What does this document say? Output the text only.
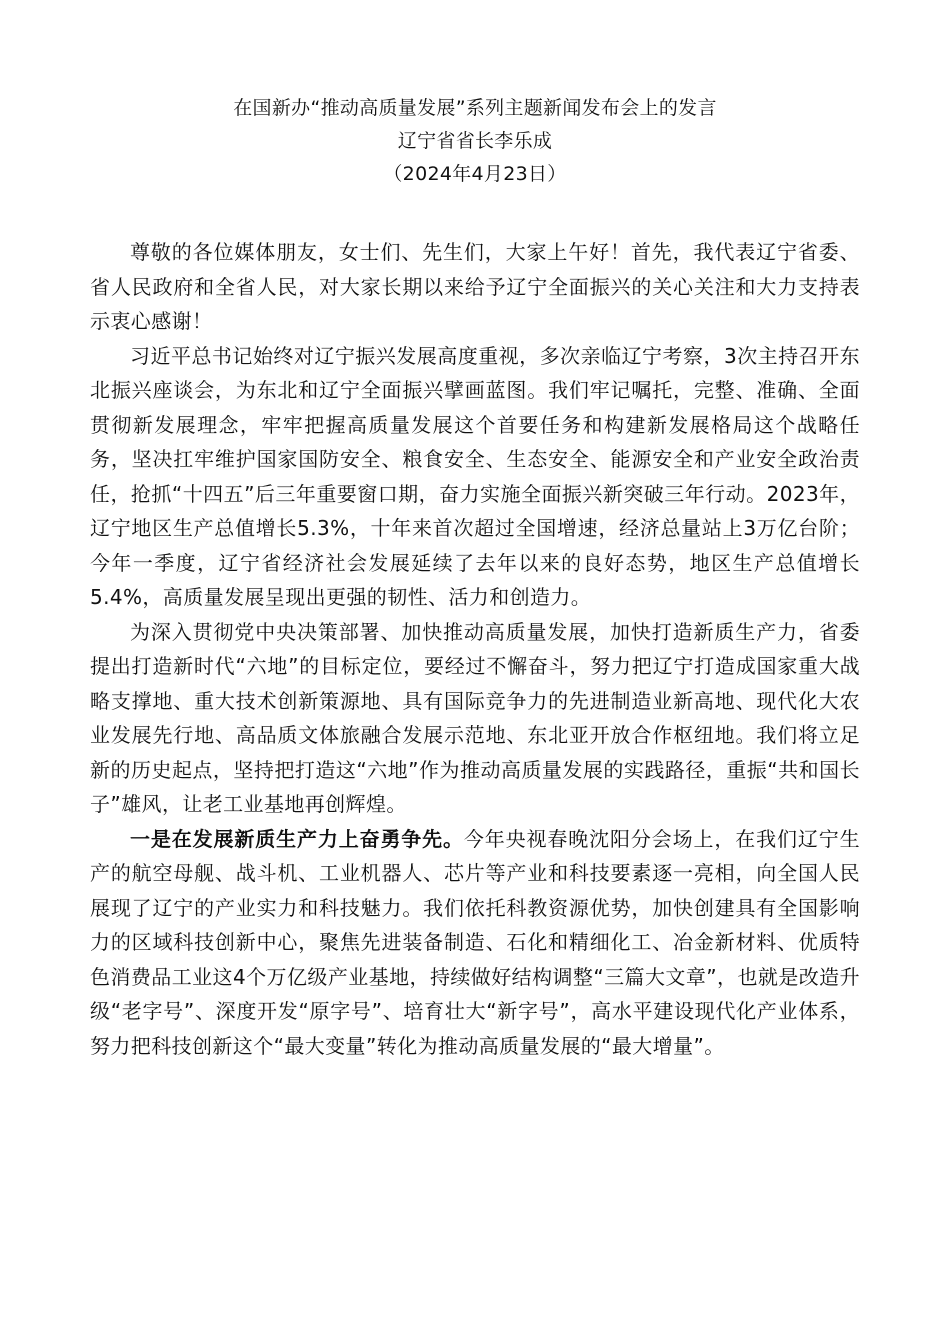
在国新办“推动高质量发展”系列主题新闻发布会上的发言
辽宁省省长李乐成
（2024年4月23日）

尊敬的各位媒体朋友，女士们、先生们，大家上午好！首先，我代表辽宁省委、省人民政府和全省人民，对大家长期以来给予辽宁全面振兴的关心关注和大力支持表示衷心感谢！

习近平总书记始终对辽宁振兴发展高度重视，多次亲临辽宁考察，3次主持召开东北振兴座谈会，为东北和辽宁全面振兴擘画蓝图。我们牢记嘱托，完整、准确、全面贯彻新发展理念，牢牢把握高质量发展这个首要任务和构建新发展格局这个战略任务，坚决扛牢维护国家国防安全、粮食安全、生态安全、能源安全和产业安全政治责任，抢抓“十四五”后三年重要窗口期，奋力实施全面振兴新突破三年行动。2023年，辽宁地区生产总值增长5.3%，十年来首次超过全国增速，经济总量站上3万亿台阶；今年一季度，辽宁省经济社会发展延续了去年以来的良好态势，地区生产总值增长5.4%，高质量发展呈现出更强的韧性、活力和创造力。

为深入贯彻党中央决策部署、加快推动高质量发展，加快打造新质生产力，省委提出打造新时代“六地”的目标定位，要经过不懈奋斗，努力把辽宁打造成国家重大战略支撑地、重大技术创新策源地、具有国际竞争力的先进制造业新高地、现代化大农业发展先行地、高品质文体旅融合发展示范地、东北亚开放合作枢纽地。我们将立足新的历史起点，坚持把打造这“六地”作为推动高质量发展的实践路径，重振“共和国长子”雄风，让老工业基地再创辉煌。

一是在发展新质生产力上奋勇争先。今年央视春晚沈阳分会场上，在我们辽宁生产的航空母舰、战斗机、工业机器人、芯片等产业和科技要素逐一亮相，向全国人民展现了辽宁的产业实力和科技魅力。我们依托科教资源优势，加快创建具有全国影响力的区域科技创新中心，聚焦先进装备制造、石化和精细化工、冶金新材料、优质特色消费品工业这4个万亿级产业基地，持续做好结构调整“三篇大文章”，也就是改造升级“老字号”、深度开发“原字号”、培育壮大“新字号”，高水平建设现代化产业体系，努力把科技创新这个“最大变量”转化为推动高质量发展的“最大增量”。
